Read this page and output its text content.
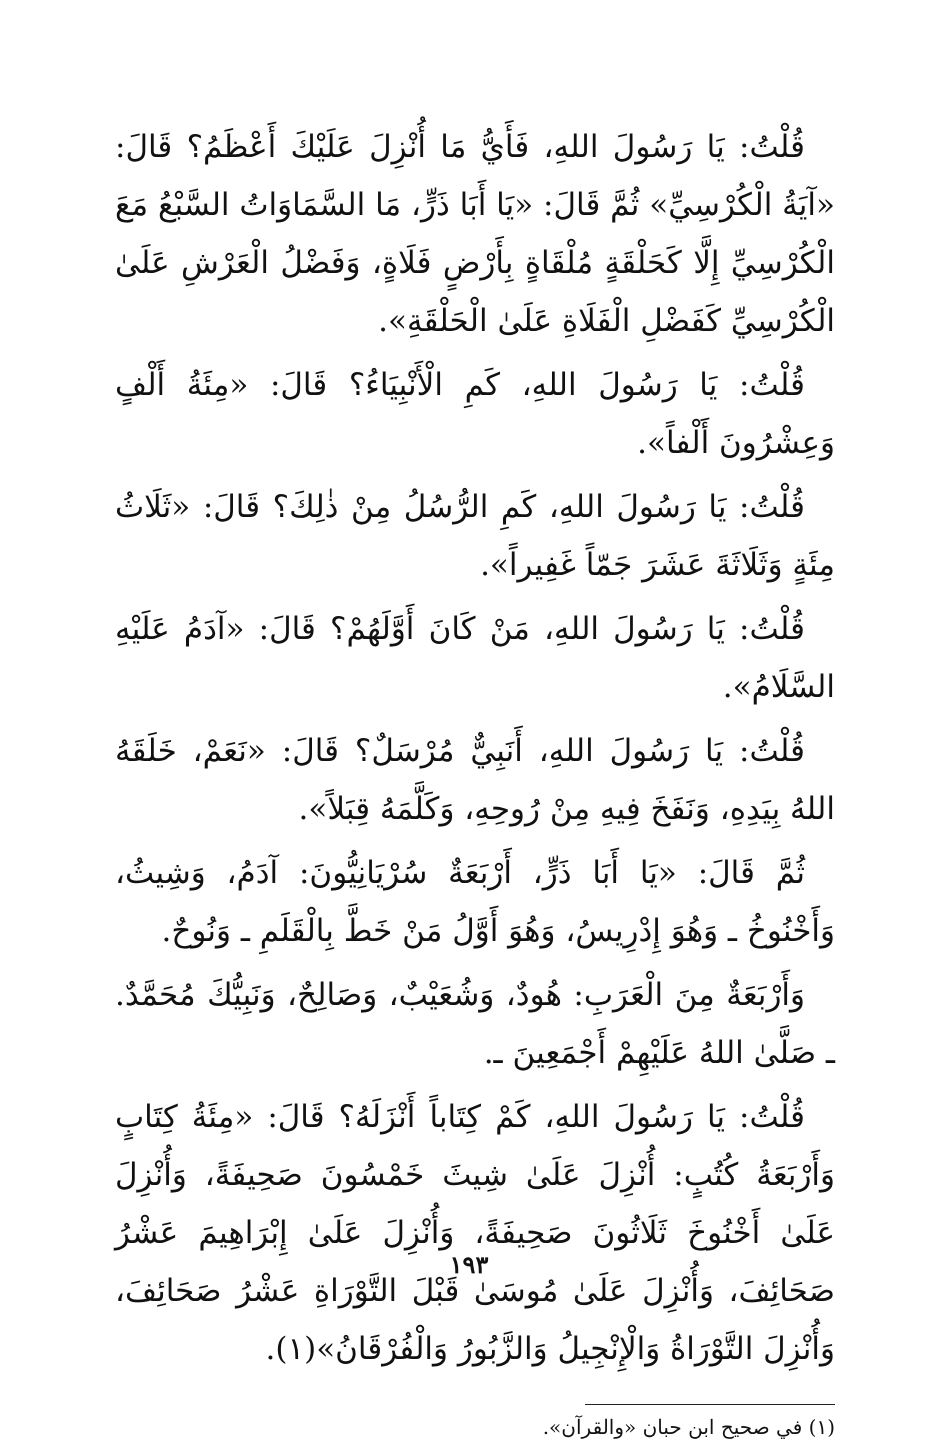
قُلْتُ: يَا رَسُولَ اللهِ، فَأَيُّ مَا أُنْزِلَ عَلَيْكَ أَعْظَمُ؟ قَالَ: «آيَةُ الْكُرْسِيِّ» ثُمَّ قَالَ: «يَا أَبَا ذَرٍّ، مَا السَّمَاوَاتُ السَّبْعُ مَعَ الْكُرْسِيِّ إِلَّا كَحَلْقَةٍ مُلْقَاةٍ بِأَرْضٍ فَلَاةٍ، وَفَضْلُ الْعَرْشِ عَلَىٰ الْكُرْسِيِّ كَفَضْلِ الْفَلَاةِ عَلَىٰ الْحَلْقَةِ».

قُلْتُ: يَا رَسُولَ اللهِ، كَمِ الْأَنْبِيَاءُ؟ قَالَ: «مِئَةُ أَلْفٍ وَعِشْرُونَ أَلْفاً».

قُلْتُ: يَا رَسُولَ اللهِ، كَمِ الرُّسُلُ مِنْ ذٰلِكَ؟ قَالَ: «ثَلَاثُ مِئَةٍ وَثَلَاثَةَ عَشَرَ جَمّاً غَفِيراً».

قُلْتُ: يَا رَسُولَ اللهِ، مَنْ كَانَ أَوَّلَهُمْ؟ قَالَ: «آدَمُ عَلَيْهِ السَّلَامُ».

قُلْتُ: يَا رَسُولَ اللهِ، أَنَبِيٌّ مُرْسَلٌ؟ قَالَ: «نَعَمْ، خَلَقَهُ اللهُ بِيَدِهِ، وَنَفَخَ فِيهِ مِنْ رُوحِهِ، وَكَلَّمَهُ قِبَلاً».

ثُمَّ قَالَ: «يَا أَبَا ذَرٍّ، أَرْبَعَةٌ سُرْيَانِيُّونَ: آدَمُ، وَشِيثُ، وَأَخْنُوخُ ـ وَهُوَ إِدْرِيسُ، وَهُوَ أَوَّلُ مَنْ خَطَّ بِالْقَلَمِ ـ وَنُوحٌ.

وَأَرْبَعَةٌ مِنَ الْعَرَبِ: هُودٌ، وَشُعَيْبٌ، وَصَالِحٌ، وَنَبِيُّكَ مُحَمَّدٌ. ـ صَلَّىٰ اللهُ عَلَيْهِمْ أَجْمَعِينَ ـ.

قُلْتُ: يَا رَسُولَ اللهِ، كَمْ كِتَاباً أَنْزَلَهُ؟ قَالَ: «مِئَةُ كِتَابٍ وَأَرْبَعَةُ كُتُبٍ: أُنْزِلَ عَلَىٰ شِيثَ خَمْسُونَ صَحِيفَةً، وَأُنْزِلَ عَلَىٰ أَخْنُوخَ ثَلَاثُونَ صَحِيفَةً، وَأُنْزِلَ عَلَىٰ إِبْرَاهِيمَ عَشْرُ صَحَائِفَ، وَأُنْزِلَ عَلَىٰ مُوسَىٰ قَبْلَ التَّوْرَاةِ عَشْرُ صَحَائِفَ، وَأُنْزِلَ التَّوْرَاةُ وَالْإِنْجِيلُ وَالزَّبُورُ وَالْفُرْقَانُ»(١).

(١) في صحيح ابن حبان «والقرآن».
١٩٣
